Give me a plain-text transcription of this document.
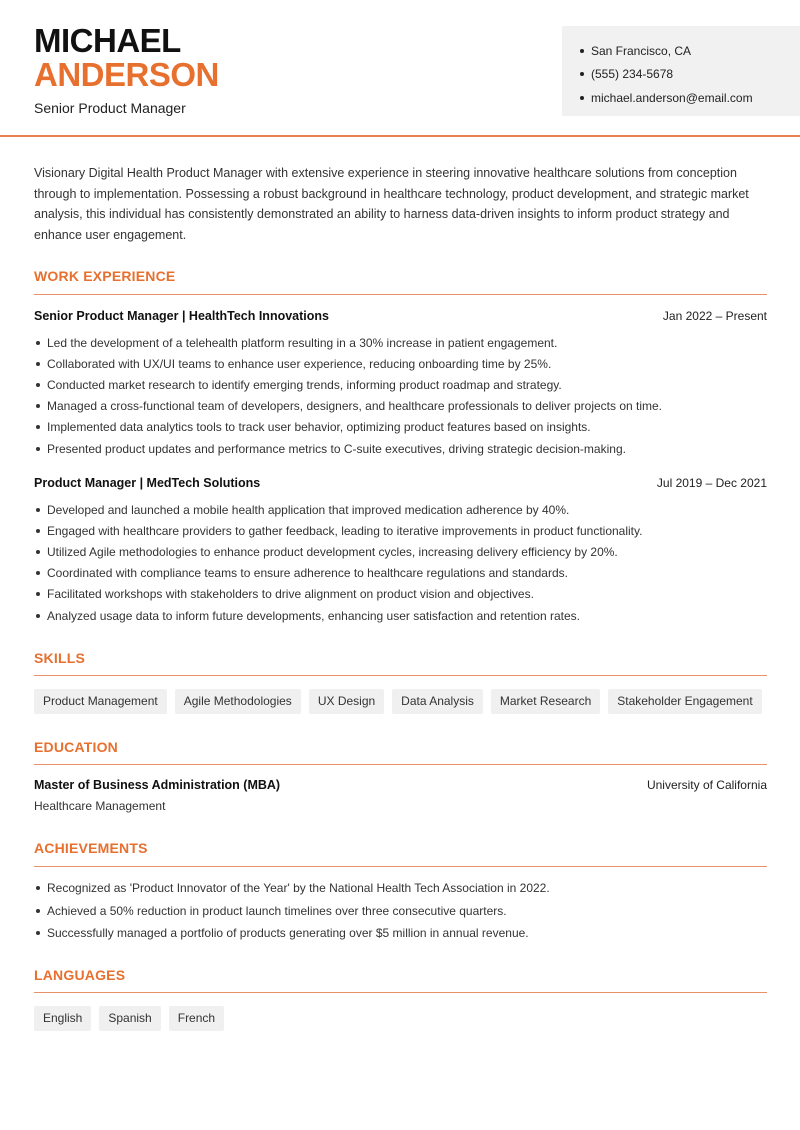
MICHAEL
ANDERSON
Senior Product Manager
San Francisco, CA
(555) 234-5678
michael.anderson@email.com

Visionary Digital Health Product Manager with extensive experience in steering innovative healthcare solutions from conception through to implementation. Possessing a robust background in healthcare technology, product development, and strategic market analysis, this individual has consistently demonstrated an ability to harness data-driven insights to inform product strategy and enhance user engagement.

WORK EXPERIENCE
Senior Product Manager | HealthTech Innovations	Jan 2022 – Present
Led the development of a telehealth platform resulting in a 30% increase in patient engagement.
Collaborated with UX/UI teams to enhance user experience, reducing onboarding time by 25%.
Conducted market research to identify emerging trends, informing product roadmap and strategy.
Managed a cross-functional team of developers, designers, and healthcare professionals to deliver projects on time.
Implemented data analytics tools to track user behavior, optimizing product features based on insights.
Presented product updates and performance metrics to C-suite executives, driving strategic decision-making.
Product Manager | MedTech Solutions	Jul 2019 – Dec 2021
Developed and launched a mobile health application that improved medication adherence by 40%.
Engaged with healthcare providers to gather feedback, leading to iterative improvements in product functionality.
Utilized Agile methodologies to enhance product development cycles, increasing delivery efficiency by 20%.
Coordinated with compliance teams to ensure adherence to healthcare regulations and standards.
Facilitated workshops with stakeholders to drive alignment on product vision and objectives.
Analyzed usage data to inform future developments, enhancing user satisfaction and retention rates.
SKILLS
Product Management	Agile Methodologies	UX Design	Data Analysis	Market Research	Stakeholder Engagement
EDUCATION
Master of Business Administration (MBA)	University of California
Healthcare Management
ACHIEVEMENTS
Recognized as 'Product Innovator of the Year' by the National Health Tech Association in 2022.
Achieved a 50% reduction in product launch timelines over three consecutive quarters.
Successfully managed a portfolio of products generating over $5 million in annual revenue.
LANGUAGES
English	Spanish	French
